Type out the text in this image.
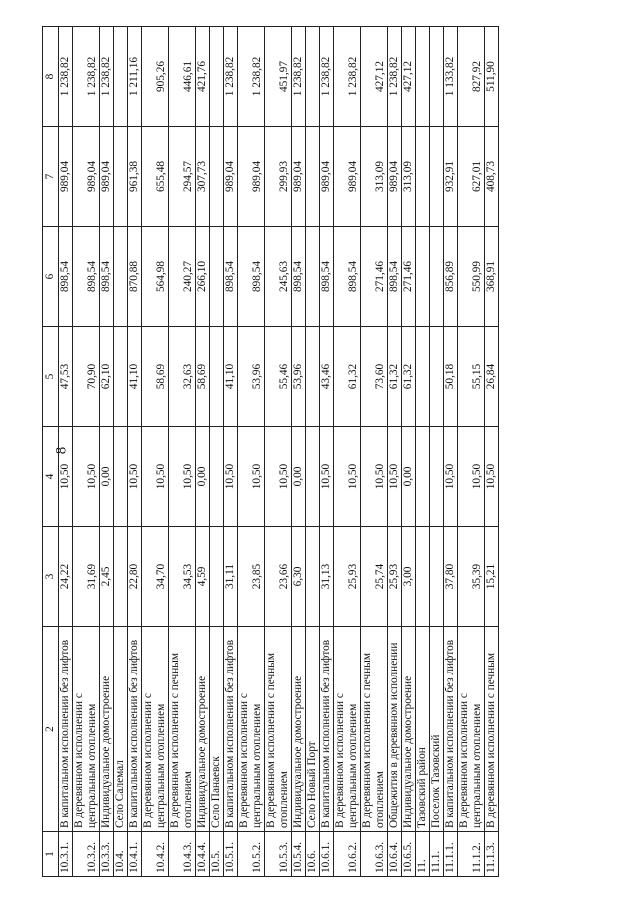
8
1	2	3	4	5	6	7	8
10.3.1.	В капитальном исполнении без лифтов	24,22	10,50	47,53	898,54	989,04	1 238,82
10.3.2.	В деревянном исполнении с центральным отоплением	31,69	10,50	70,90	898,54	989,04	1 238,82
10.3.3.	Индивидуальное домостроение	2,45	0,00	62,10	898,54	989,04	1 238,82
10.4.	Село Салемал						
10.4.1.	В капитальном исполнении без лифтов	22,80	10,50	41,10	870,88	961,38	1 211,16
10.4.2.	В деревянном исполнении с центральным отоплением	34,70	10,50	58,69	564,98	655,48	905,26
10.4.3.	В деревянном исполнении с печным отоплением	34,53	10,50	32,63	240,27	294,57	446,61
10.4.4.	Индивидуальное домостроение	4,59	0,00	58,69	266,10	307,73	421,76
10.5.	Село Панаевск						
10.5.1.	В капитальном исполнении без лифтов	31,11	10,50	41,10	898,54	989,04	1 238,82
10.5.2.	В деревянном исполнении с центральным отоплением	23,85	10,50	53,96	898,54	989,04	1 238,82
10.5.3.	В деревянном исполнении с печным отоплением	23,66	10,50	55,46	245,63	299,93	451,97
10.5.4.	Индивидуальное домостроение	6,30	0,00	53,96	898,54	989,04	1 238,82
10.6.	Село Новый Порт						
10.6.1.	В капитальном исполнении без лифтов	31,13	10,50	43,46	898,54	989,04	1 238,82
10.6.2.	В деревянном исполнении с центральным отоплением	25,93	10,50	61,32	898,54	989,04	1 238,82
10.6.3.	В деревянном исполнении с печным отоплением	25,74	10,50	73,60	271,46	313,09	427,12
10.6.4.	Общежития в деревянном исполнении	25,93	10,50	61,32	898,54	989,04	1 238,82
10.6.5.	Индивидуальное домостроение	3,00	0,00	61,32	271,46	313,09	427,12
11.	Тазовский район						
11.1.	Поселок Тазовский						
11.1.1.	В капитальном исполнении без лифтов	37,80	10,50	50,18	856,89	932,91	1 133,82
11.1.2.	В деревянном исполнении с центральным отоплением	35,39	10,50	55,15	550,99	627,01	827,92
11.1.3.	В деревянном исполнении с печным	15,21	10,50	26,84	368,91	408,73	511,90
